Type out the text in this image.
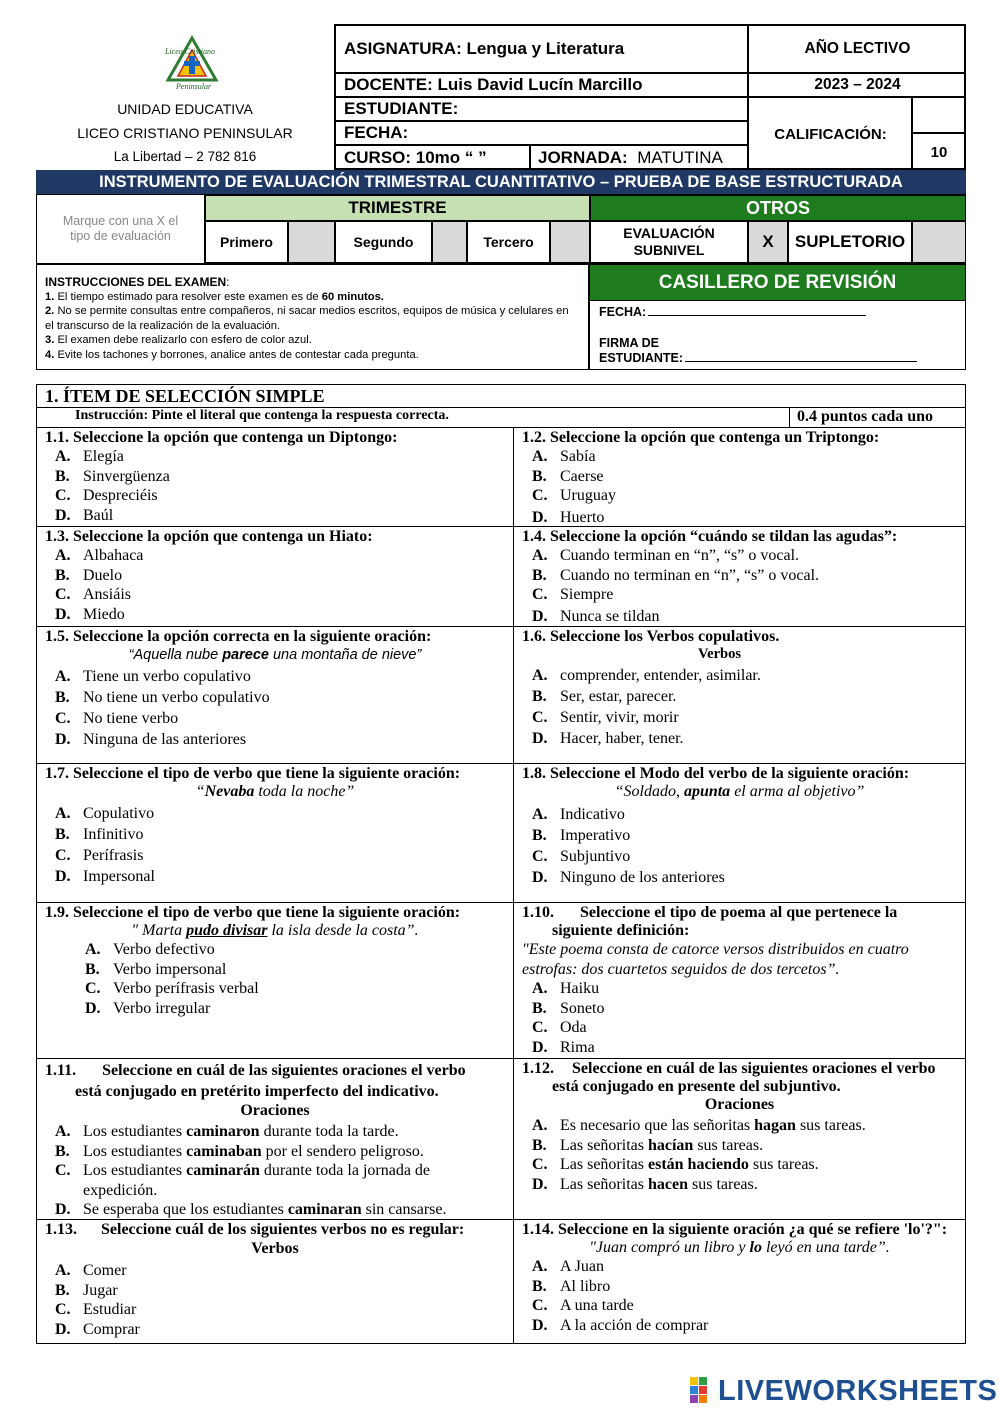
Liceo Cristiano
Peninsular
UNIDAD EDUCATIVA
LICEO CRISTIANO PENINSULAR
La Libertad – 2 782 816
ASIGNATURA: Lengua y Literatura
DOCENTE: Luis David Lucín Marcillo
ESTUDIANTE:
FECHA:
CURSO: 10mo “ ”	JORNADA:
MATUTINA
AÑO LECTIVO
2023 – 2024
CALIFICACIÓN:
10
INSTRUMENTO DE EVALUACIÓN TRIMESTRAL CUANTITATIVO – PRUEBA DE BASE ESTRUCTURADA
Marque con una X el tipo de evaluación
TRIMESTRE	OTROS
Primero	Segundo	Tercero
EVALUACIÓN SUBNIVEL	X	SUPLETORIO
INSTRUCCIONES DEL EXAMEN:
1. El tiempo estimado para resolver este examen es de 60 minutos.
2. No se permite consultas entre compañeros, ni sacar medios escritos, equipos de música y celulares en el transcurso de la realización de la evaluación.
3. El examen debe realizarlo con esfero de color azul.
4. Evite los tachones y borrones, analice antes de contestar cada pregunta.
CASILLERO DE REVISIÓN
FECHA:
FIRMA DE
ESTUDIANTE:
1. ÍTEM DE SELECCIÓN SIMPLE
Instrucción: Pinte el literal que contenga la respuesta correcta.	0.4 puntos cada uno
1.1. Seleccione la opción que contenga un Diptongo:
A. Elegía
B. Sinvergüenza
C. Despreciéis
D. Baúl
1.2. Seleccione la opción que contenga un Triptongo:
A. Sabía
B. Caerse
C. Uruguay
D. Huerto
1.3. Seleccione la opción que contenga un Hiato:
A. Albahaca
B. Duelo
C. Ansiáis
D. Miedo
1.4. Seleccione la opción “cuándo se tildan las agudas”:
A. Cuando terminan en “n”, “s” o vocal.
B. Cuando no terminan en “n”, “s” o vocal.
C. Siempre
D. Nunca se tildan
1.5. Seleccione la opción correcta en la siguiente oración:
“Aquella nube parece una montaña de nieve”
A. Tiene un verbo copulativo
B. No tiene un verbo copulativo
C. No tiene verbo
D. Ninguna de las anteriores
1.6. Seleccione los Verbos copulativos.
Verbos
A. comprender, entender, asimilar.
B. Ser, estar, parecer.
C. Sentir, vivir, morir
D. Hacer, haber, tener.
1.7. Seleccione el tipo de verbo que tiene la siguiente oración:
“Nevaba toda la noche”
A. Copulativo
B. Infinitivo
C. Perífrasis
D. Impersonal
1.8. Seleccione el Modo del verbo de la siguiente oración:
“Soldado, apunta el arma al objetivo”
A. Indicativo
B. Imperativo
C. Subjuntivo
D. Ninguno de los anteriores
1.9. Seleccione el tipo de verbo que tiene la siguiente oración:
" Marta pudo divisar la isla desde la costa”.
A. Verbo defectivo
B. Verbo impersonal
C. Verbo perífrasis verbal
D. Verbo irregular
1.10. Seleccione el tipo de poema al que pertenece la
siguiente definición:
"Este poema consta de catorce versos distribuidos en cuatro estrofas: dos cuartetos seguidos de dos tercetos”.
A. Haiku
B. Soneto
C. Oda
D. Rima
1.11. Seleccione en cuál de las siguientes oraciones el verbo
está conjugado en pretérito imperfecto del indicativo.
Oraciones
A. Los estudiantes caminaron durante toda la tarde.
B. Los estudiantes caminaban por el sendero peligroso.
C. Los estudiantes caminarán durante toda la jornada de expedición.
D. Se esperaba que los estudiantes caminaran sin cansarse.
1.12. Seleccione en cuál de las siguientes oraciones el verbo
está conjugado en presente del subjuntivo.
Oraciones
A. Es necesario que las señoritas hagan sus tareas.
B. Las señoritas hacían sus tareas.
C. Las señoritas están haciendo sus tareas.
D. Las señoritas hacen sus tareas.
1.13. Seleccione cuál de los siguientes verbos no es regular:
Verbos
A. Comer
B. Jugar
C. Estudiar
D. Comprar
1.14. Seleccione en la siguiente oración ¿a qué se refiere 'lo'?":
"Juan compró un libro y lo leyó en una tarde”.
A. A Juan
B. Al libro
C. A una tarde
D. A la acción de comprar
LIVEWORKSHEETS
